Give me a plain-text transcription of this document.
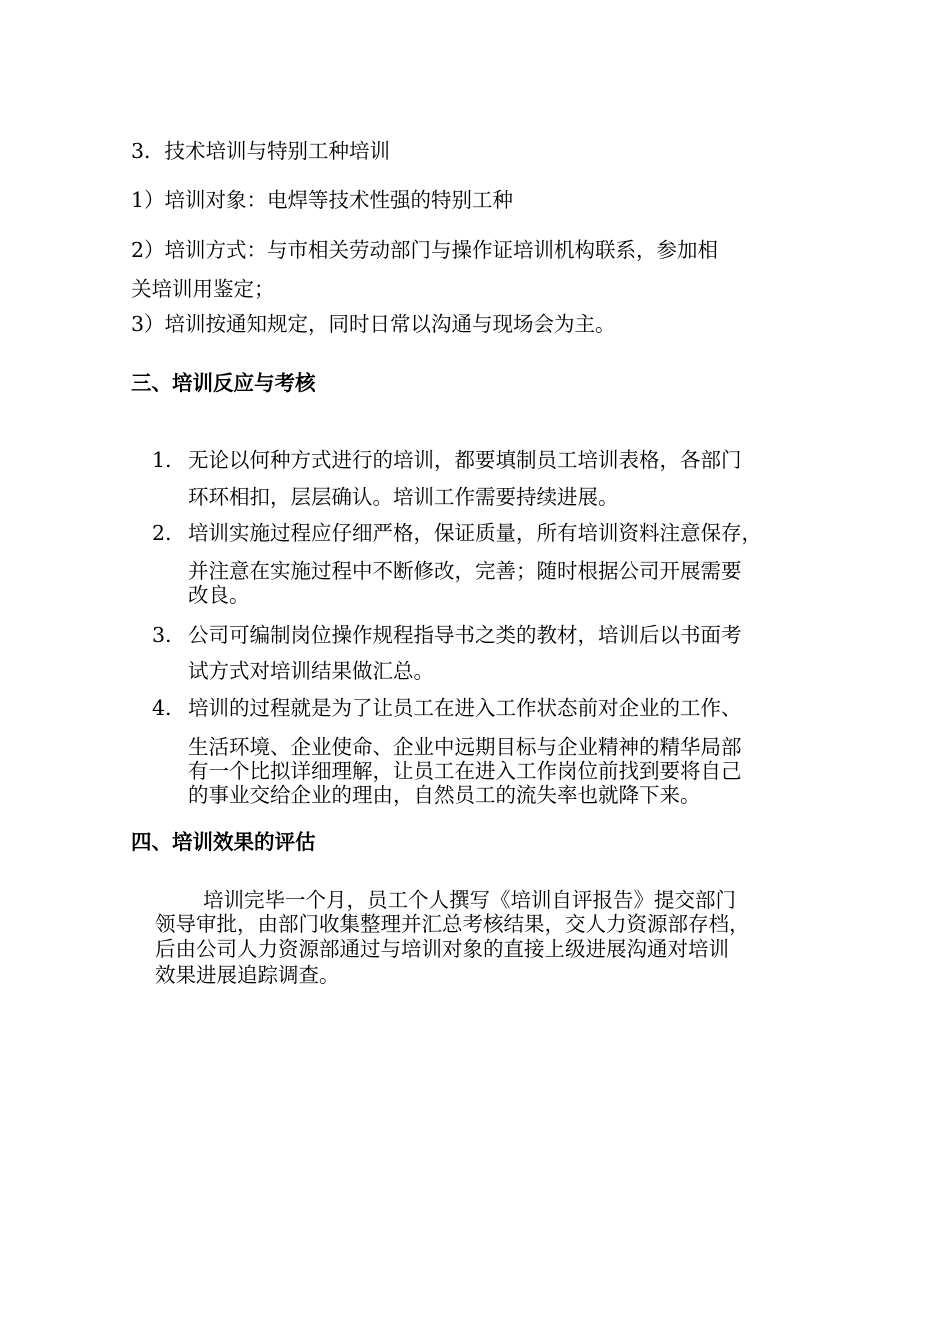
3．技术培训与特别工种培训
1）培训对象：电焊等技术性强的特别工种
2）培训方式：与市相关劳动部门与操作证培训机构联系，参加相
关培训用鉴定；
3）培训按通知规定，同时日常以沟通与现场会为主。
三、培训反应与考核
1. 无论以何种方式进行的培训，都要填制员工培训表格，各部门
环环相扣，层层确认。培训工作需要持续进展。
2. 培训实施过程应仔细严格，保证质量，所有培训资料注意保存，
并注意在实施过程中不断修改，完善；随时根据公司开展需要
改良。
3. 公司可编制岗位操作规程指导书之类的教材，培训后以书面考
试方式对培训结果做汇总。
4. 培训的过程就是为了让员工在进入工作状态前对企业的工作、
生活环境、企业使命、企业中远期目标与企业精神的精华局部
有一个比拟详细理解，让员工在进入工作岗位前找到要将自己
的事业交给企业的理由，自然员工的流失率也就降下来。
四、培训效果的评估
培训完毕一个月，员工个人撰写《培训自评报告》提交部门
领导审批，由部门收集整理并汇总考核结果，交人力资源部存档，
后由公司人力资源部通过与培训对象的直接上级进展沟通对培训
效果进展追踪调查。
